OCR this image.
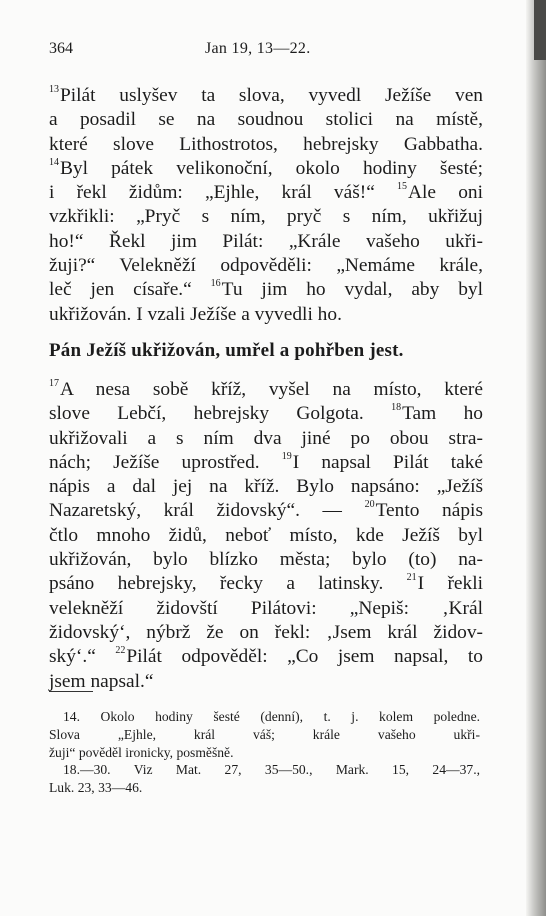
364	Jan 19, 13—22.
$^{13}$Pilát uslyšev ta slova, vyvedl Ježíše ven
a posadil se na soudnou stolici na místě,
které slove Lithostrotos, hebrejsky Gabbatha.
$^{14}$Byl pátek velikonoční, okolo hodiny šesté;
i řekl židům: „Ejhle, král váš!“ $^{15}$Ale oni
vzkřikli: „Pryč s ním, pryč s ním, ukřižuj
ho!“ Řekl jim Pilát: „Krále vašeho ukři-
žuji?“ Velekněží odpověděli: „Nemáme krále,
leč jen císaře.“ $^{16}$Tu jim ho vydal, aby byl
ukřižován. I vzali Ježíše a vyvedli ho.
Pán Ježíš ukřižován, umřel a pohřben jest.
$^{17}$A nesa sobě kříž, vyšel na místo, které
slove Lebčí, hebrejsky Golgota. $^{18}$Tam ho
ukřižovali a s ním dva jiné po obou stra-
nách; Ježíše uprostřed. $^{19}$I napsal Pilát také
nápis a dal jej na kříž. Bylo napsáno: „Ježíš
Nazaretský, král židovský“. — $^{20}$Tento nápis
čtlo mnoho židů, neboť místo, kde Ježíš byl
ukřižován, bylo blízko města; bylo (to) na-
psáno hebrejsky, řecky a latinsky. $^{21}$I řekli
velekněží židovští Pilátovi: „Nepiš: ‚Král
židovský‘, nýbrž že on řekl: ‚Jsem král židov-
ský‘.“ $^{22}$Pilát odpověděl: „Co jsem napsal, to
jsem napsal.“
14. Okolo hodiny šesté (denní), t. j. kolem poledne.
Slova „Ejhle, král váš; krále vašeho ukři-
žuji“ pověděl ironicky, posměšně.
18.—30. Viz Mat. 27, 35—50., Mark. 15, 24—37.,
Luk. 23, 33—46.
